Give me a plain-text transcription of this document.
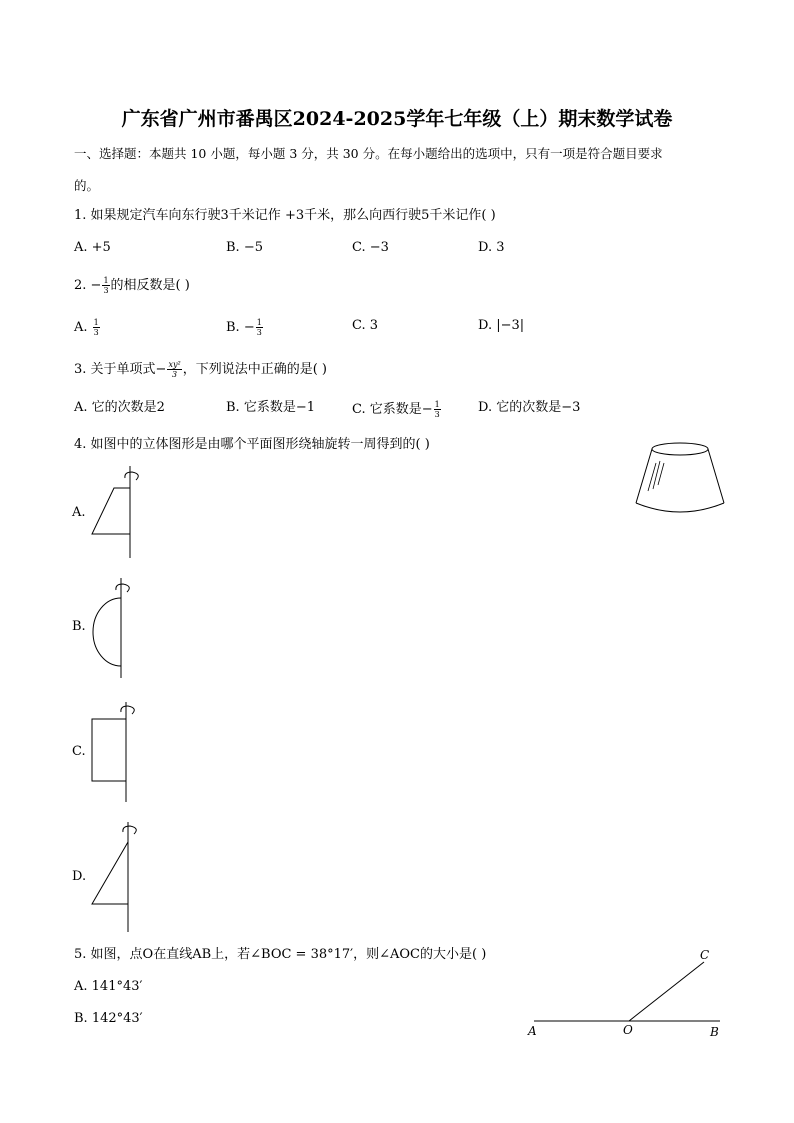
广东省广州市番禺区2024-2025学年七年级（上）期末数学试卷
一、选择题：本题共 10 小题，每小题 3 分，共 30 分。在每小题给出的选项中，只有一项是符合题目要求
的。
1. 如果规定汽车向东行驶3千米记作 +3千米，那么向西行驶5千米记作( )
A. +5	B. −5	C. −3	D. 3
2. − $\frac{1}{3}$ 的相反数是( )
A. $\frac{1}{3}$	B. − $\frac{1}{3}$	C. 3	D. |−3|
3. 关于单项式− $\frac{\text{xy²}}{3}$ ，下列说法中正确的是( )
A. 它的次数是2	B. 它系数是−1	C. 它系数是− $\frac{1}{3}$	D. 它的次数是−3
4. 如图中的立体图形是由哪个平面图形绕轴旋转一周得到的( )
A.
B.
C.
D.
5. 如图，点O在直线AB上，若∠BOC = 38°17′，则∠AOC的大小是( )
A. 141°43′
B. 142°43′
A	O	B
C
